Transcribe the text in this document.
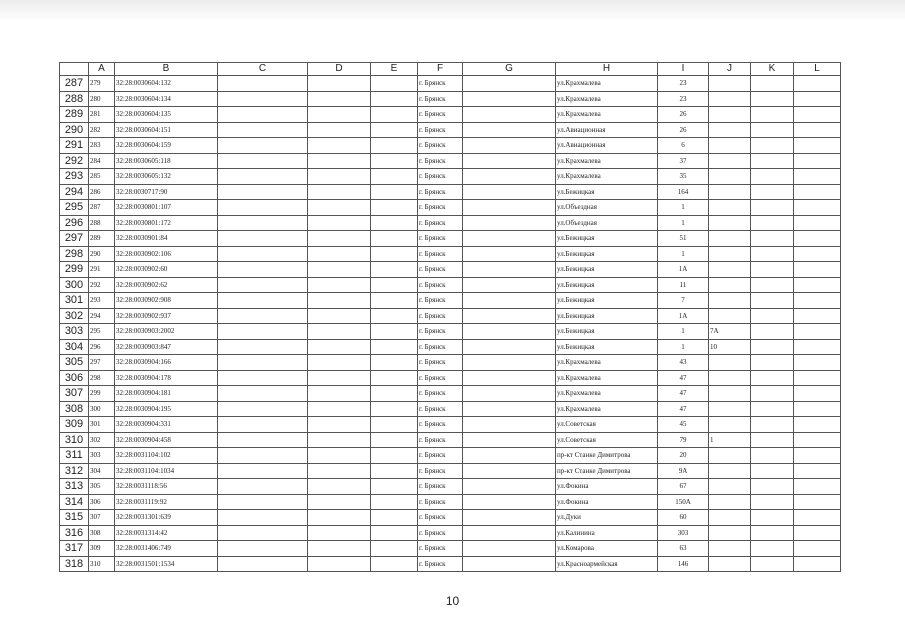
	A	B	C	D	E	F	G	H	I	J	K	L
287	279	32:28:0030604:132				г. Брянск		ул.Крахмалева	23			
288	280	32:28:0030604:134				г. Брянск		ул.Крахмалева	23			
289	281	32:28:0030604:135				г. Брянск		ул.Крахмалева	26			
290	282	32:28:0030604:151				г. Брянск		ул.Авиационная	26			
291	283	32:28:0030604:159				г. Брянск		ул.Авиационная	6			
292	284	32:28:0030605:118				г. Брянск		ул.Крахмалева	37			
293	285	32:28:0030605:132				г. Брянск		ул.Крахмалева	35			
294	286	32:28:0030717:90				г. Брянск		ул.Бежицкая	164			
295	287	32:28:0030801:107				г. Брянск		ул.Объездная	1			
296	288	32:28:0030801:172				г. Брянск		ул.Объездная	1			
297	289	32:28:0030901:84				г. Брянск		ул.Бежицкая	51			
298	290	32:28:0030902:106				г. Брянск		ул.Бежицкая	1			
299	291	32:28:0030902:60				г. Брянск		ул.Бежицкая	1А			
300	292	32:28:0030902:62				г. Брянск		ул.Бежицкая	11			
301	293	32:28:0030902:908				г. Брянск		ул.Бежицкая	7			
302	294	32:28:0030902:937				г. Брянск		ул.Бежицкая	1А			
303	295	32:28:0030903:2002				г. Брянск		ул.Бежицкая	1	7А		
304	296	32:28:0030903:847				г. Брянск		ул.Бежицкая	1	10		
305	297	32:28:0030904:166				г. Брянск		ул.Крахмалева	43			
306	298	32:28:0030904:178				г. Брянск		ул.Крахмалева	47			
307	299	32:28:0030904:181				г. Брянск		ул.Крахмалева	47			
308	300	32:28:0030904:195				г. Брянск		ул.Крахмалева	47			
309	301	32:28:0030904:331				г. Брянск		ул.Советская	45			
310	302	32:28:0030904:458				г. Брянск		ул.Советская	79	1		
311	303	32:28:0031104:102				г. Брянск		пр-кт Станке Димитрова	20			
312	304	32:28:0031104:1034				г. Брянск		пр-кт Станке Димитрова	9А			
313	305	32:28:0031118:56				г. Брянск		ул.Фокина	67			
314	306	32:28:0031119:92				г. Брянск		ул.Фокина	150А			
315	307	32:28:0031301:639				г. Брянск		ул.Дуки	60			
316	308	32:28:0031314:42				г. Брянск		ул.Калинина	303			
317	309	32:28:0031406:749				г. Брянск		ул.Комарова	63			
318	310	32:28:0031501:1534				г. Брянск		ул.Красноармейская	146			
10
